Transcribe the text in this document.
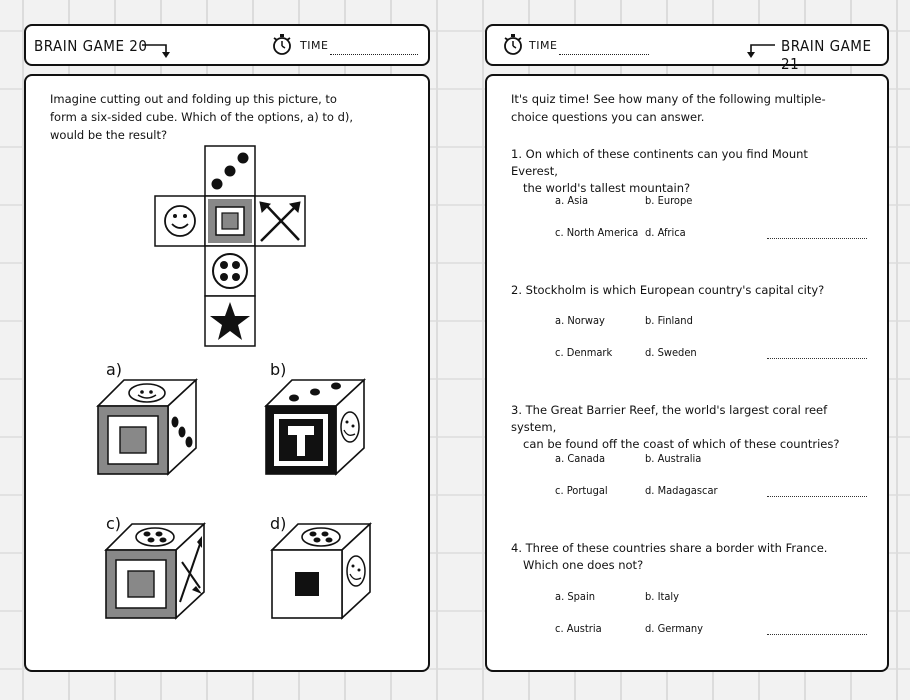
BRAIN GAME 20	TIME
Imagine cutting out and folding up this picture, to form a six-sided cube. Which of the options, a) to d), would be the result?
a)	b)
c)	d)
TIME	BRAIN GAME 21
It's quiz time! See how many of the following multiple-choice questions you can answer.
1. On which of these continents can you find Mount Everest,
the world's tallest mountain?
a. Asia	b. Europe
c. North America d. Africa
2. Stockholm is which European country's capital city?
a. Norway	b. Finland
c. Denmark	d. Sweden
3. The Great Barrier Reef, the world's largest coral reef system,
can be found off the coast of which of these countries?
a. Canada	b. Australia
c. Portugal	d. Madagascar
4. Three of these countries share a border with France.
Which one does not?
a. Spain	b. Italy
c. Austria	d. Germany
